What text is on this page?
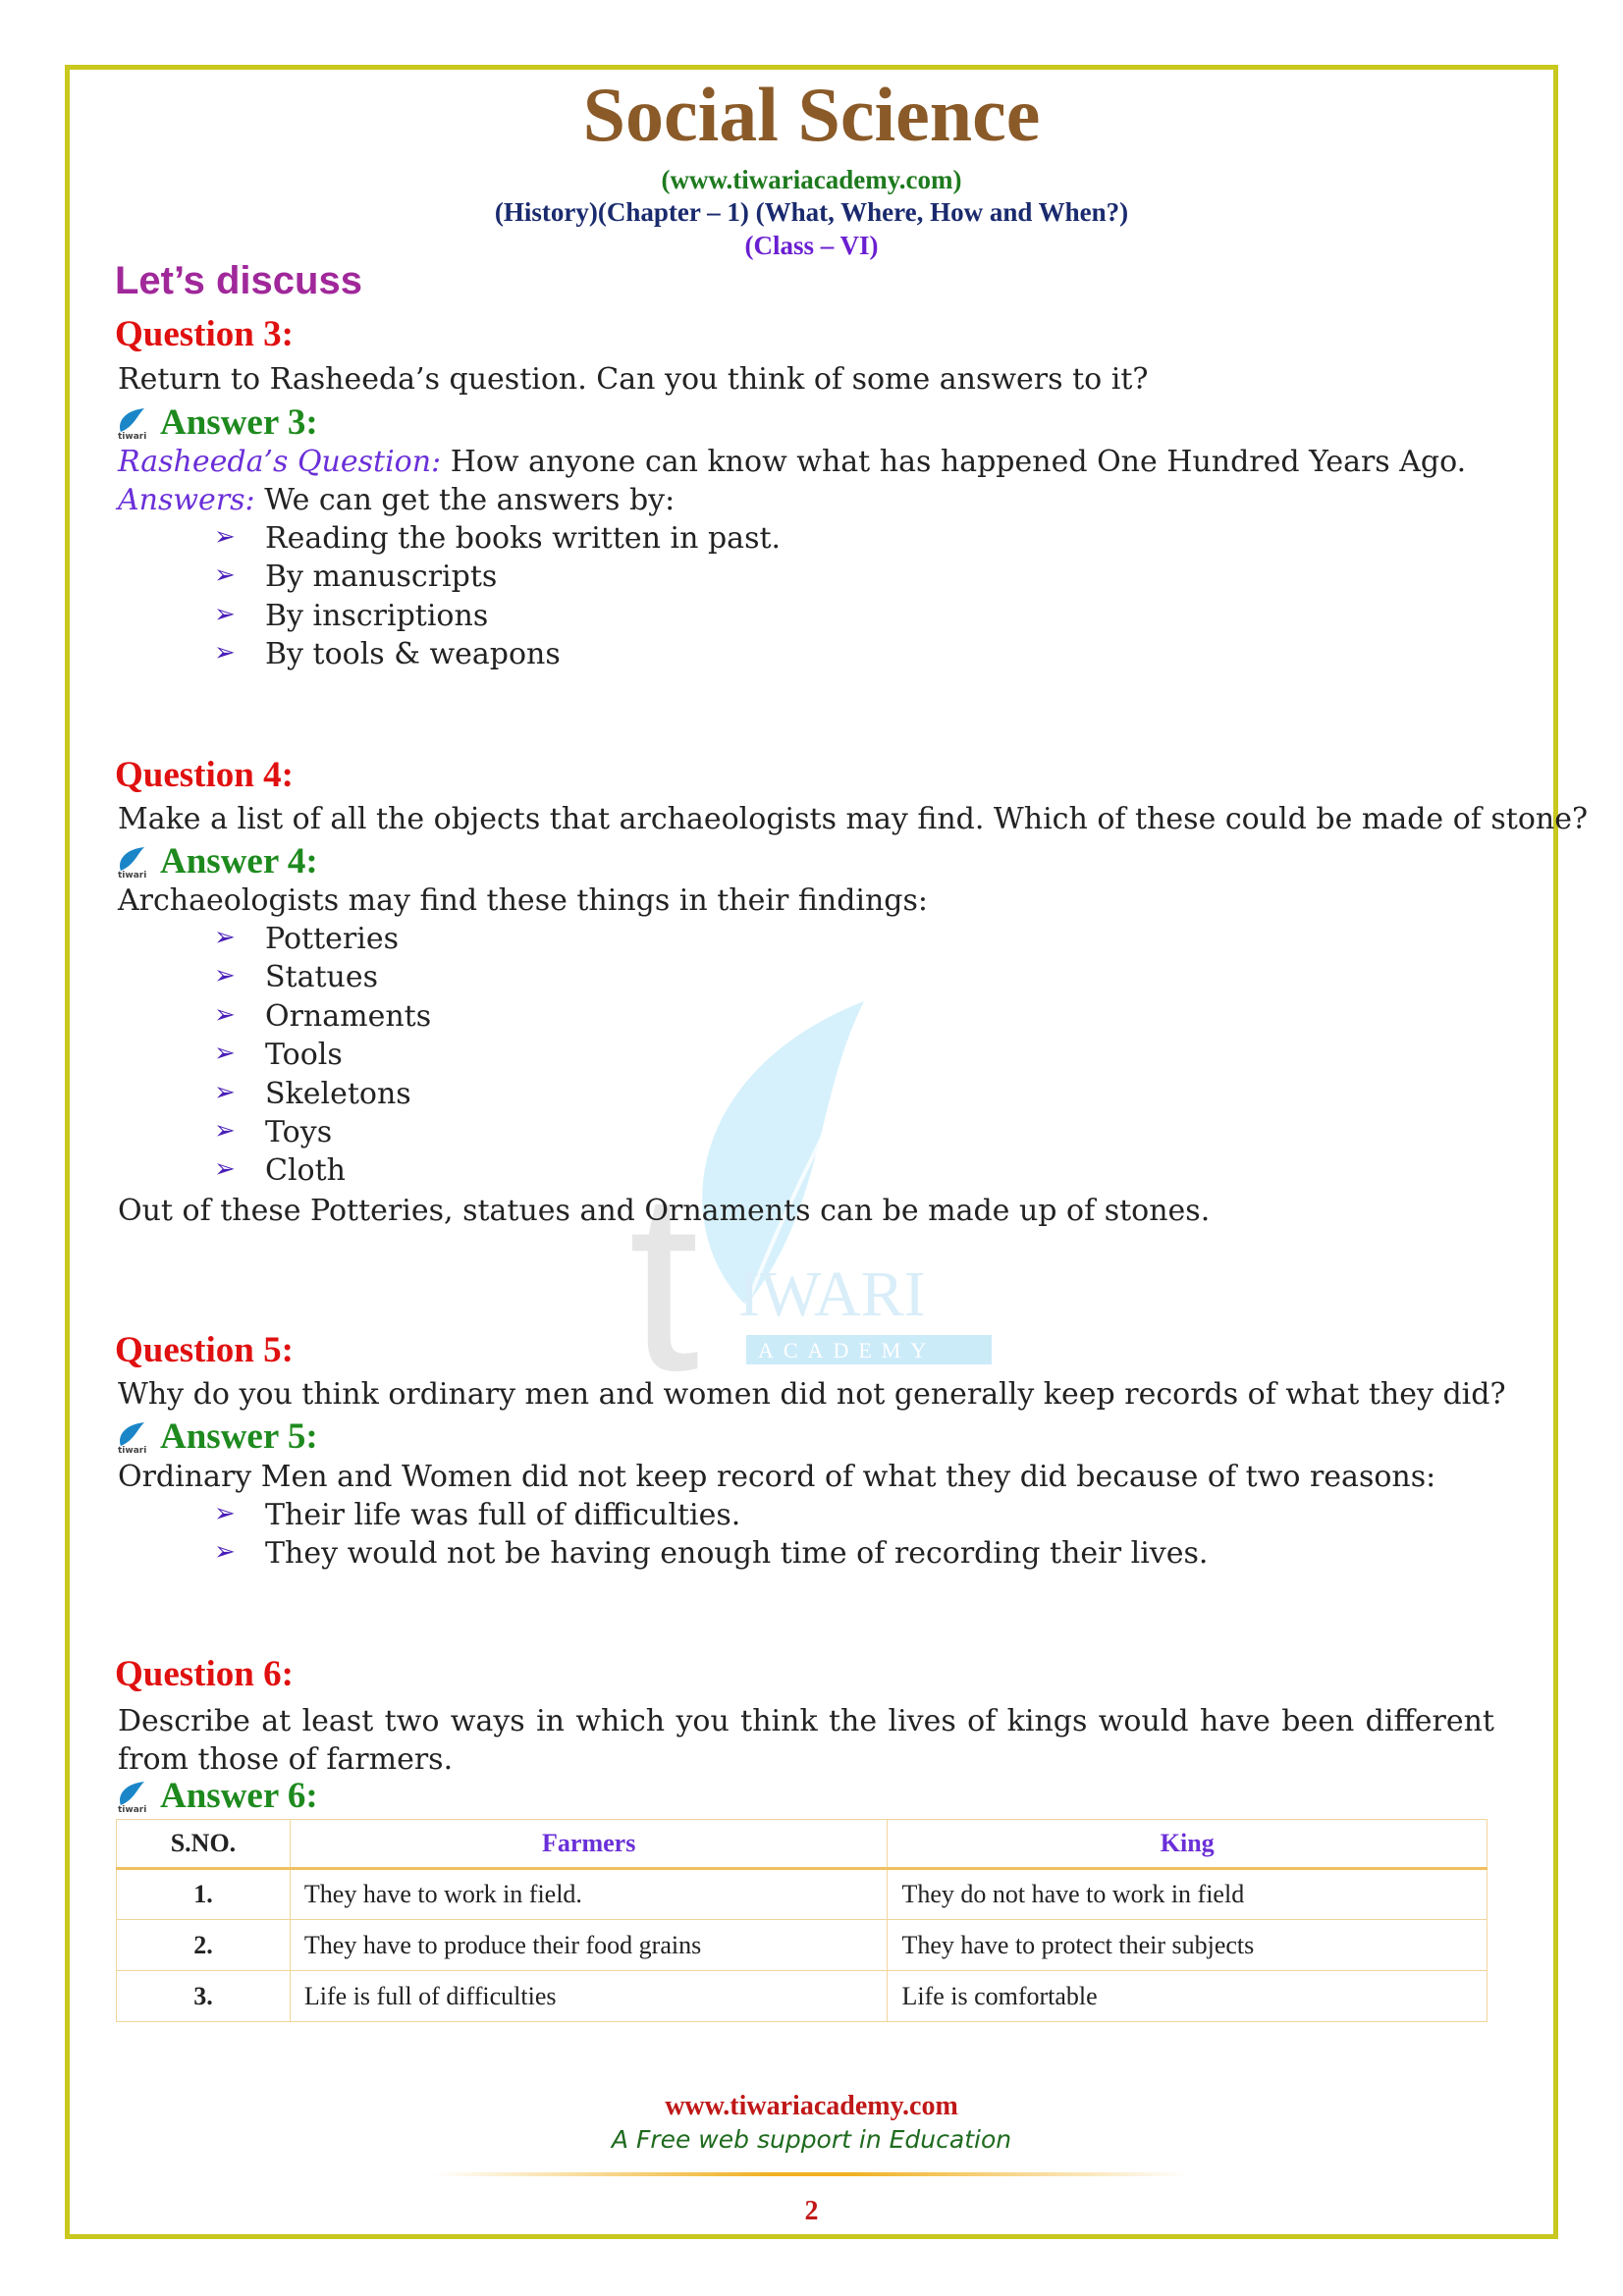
t IWARI
ACADEMY
Social Science
(www.tiwariacademy.com)
(History)(Chapter – 1) (What, Where, How and When?)
(Class – VI)
Let’s discuss
Question 3:
Return to Rasheeda’s question. Can you think of some answers to it?
tiwari Answer 3:
Rasheeda’s Question: How anyone can know what has happened One Hundred Years Ago.
Answers: We can get the answers by:
➢	Reading the books written in past.
➢	By manuscripts
➢	By inscriptions
➢	By tools & weapons
Question 4:
Make a list of all the objects that archaeologists may find. Which of these could be made of stone?
tiwari Answer 4:
Archaeologists may find these things in their findings:
➢	Potteries
➢	Statues
➢	Ornaments
➢	Tools
➢	Skeletons
➢	Toys
➢	Cloth
Out of these Potteries, statues and Ornaments can be made up of stones.
Question 5:
Why do you think ordinary men and women did not generally keep records of what they did?
tiwari Answer 5:
Ordinary Men and Women did not keep record of what they did because of two reasons:
➢	Their life was full of difficulties.
➢	They would not be having enough time of recording their lives.
Question 6:
Describe at least two ways in which you think the lives of kings would have been different from those of farmers.
tiwari Answer 6:
S.NO.	Farmers	King
1.	They have to work in field.	They do not have to work in field
2.	They have to produce their food grains	They have to protect their subjects
3.	Life is full of difficulties	Life is comfortable
www.tiwariacademy.com
A Free web support in Education
2
